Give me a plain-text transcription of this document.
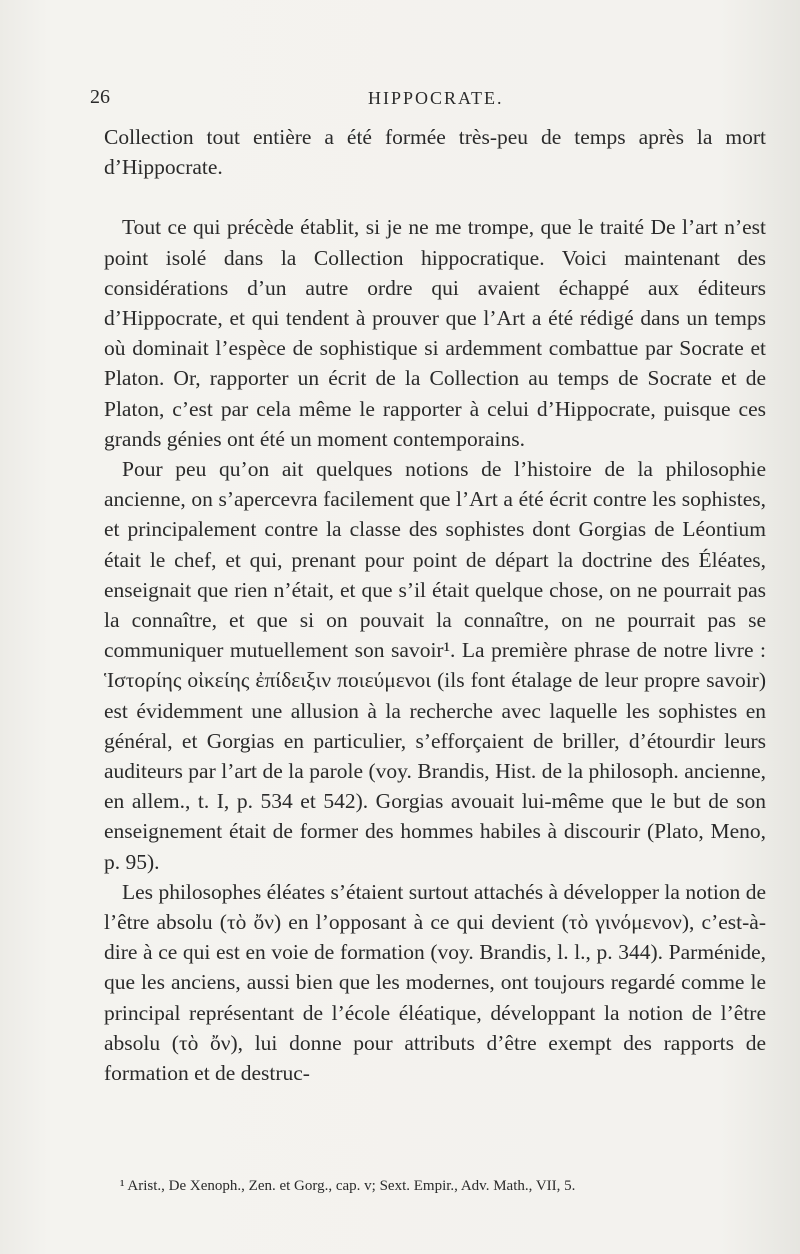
26	HIPPOCRATE.

Collection tout entière a été formée très-peu de temps après la mort d’Hippocrate.

Tout ce qui précède établit, si je ne me trompe, que le traité De l’art n’est point isolé dans la Collection hippocratique. Voici maintenant des considérations d’un autre ordre qui avaient échappé aux éditeurs d’Hippocrate, et qui tendent à prouver que l’Art a été rédigé dans un temps où dominait l’espèce de sophistique si ardemment combattue par Socrate et Platon. Or, rapporter un écrit de la Collection au temps de Socrate et de Platon, c’est par cela même le rapporter à celui d’Hippocrate, puisque ces grands génies ont été un moment contemporains.

Pour peu qu’on ait quelques notions de l’histoire de la philosophie ancienne, on s’apercevra facilement que l’Art a été écrit contre les sophistes, et principalement contre la classe des sophistes dont Gorgias de Léontium était le chef, et qui, prenant pour point de départ la doctrine des Éléates, enseignait que rien n’était, et que s’il était quelque chose, on ne pourrait pas la connaître, et que si on pouvait la connaître, on ne pourrait pas se communiquer mutuellement son savoir¹. La première phrase de notre livre : Ἱστορίης οἰκείης ἐπίδειξιν ποιεύμενοι (ils font étalage de leur propre savoir) est évidemment une allusion à la recherche avec laquelle les sophistes en général, et Gorgias en particulier, s’efforçaient de briller, d’étourdir leurs auditeurs par l’art de la parole (voy. Brandis, Hist. de la philosoph. ancienne, en allem., t. I, p. 534 et 542). Gorgias avouait lui-même que le but de son enseignement était de former des hommes habiles à discourir (Plato, Meno, p. 95).

Les philosophes éléates s’étaient surtout attachés à développer la notion de l’être absolu (τὸ ὄν) en l’opposant à ce qui devient (τὸ γινόμενον), c’est-à-dire à ce qui est en voie de formation (voy. Brandis, l. l., p. 344). Parménide, que les anciens, aussi bien que les modernes, ont toujours regardé comme le principal représentant de l’école éléatique, développant la notion de l’être absolu (τὸ ὄν), lui donne pour attributs d’être exempt des rapports de formation et de destruc-

¹ Arist., De Xenoph., Zen. et Gorg., cap. v; Sext. Empir., Adv. Math., VII, 5.
